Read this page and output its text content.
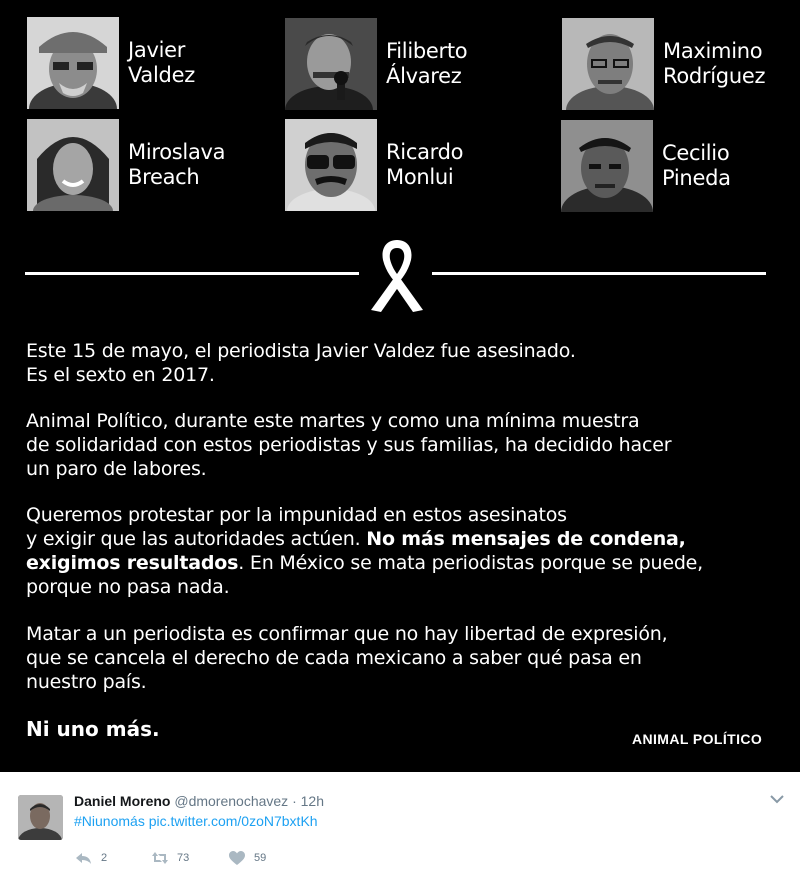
Javier
Valdez
Filiberto
Álvarez
Maximino
Rodríguez
Miroslava
Breach
Ricardo
Monlui
Cecilio
Pineda
Este 15 de mayo, el periodista Javier Valdez fue asesinado.
Es el sexto en 2017.
Animal Político, durante este martes y como una mínima muestra
de solidaridad con estos periodistas y sus familias, ha decidido hacer
un paro de labores.
Queremos protestar por la impunidad en estos asesinatos
y exigir que las autoridades actúen. No más mensajes de condena,
exigimos resultados. En México se mata periodistas porque se puede,
porque no pasa nada.
Matar a un periodista es confirmar que no hay libertad de expresión,
que se cancela el derecho de cada mexicano a saber qué pasa en
nuestro país.
Ni uno más.	ANIMAL POLÍTICO
Daniel Moreno @dmorenochavez · 12h
#Niunomás pic.twitter.com/0zoN7bxtKh
2	73	59
